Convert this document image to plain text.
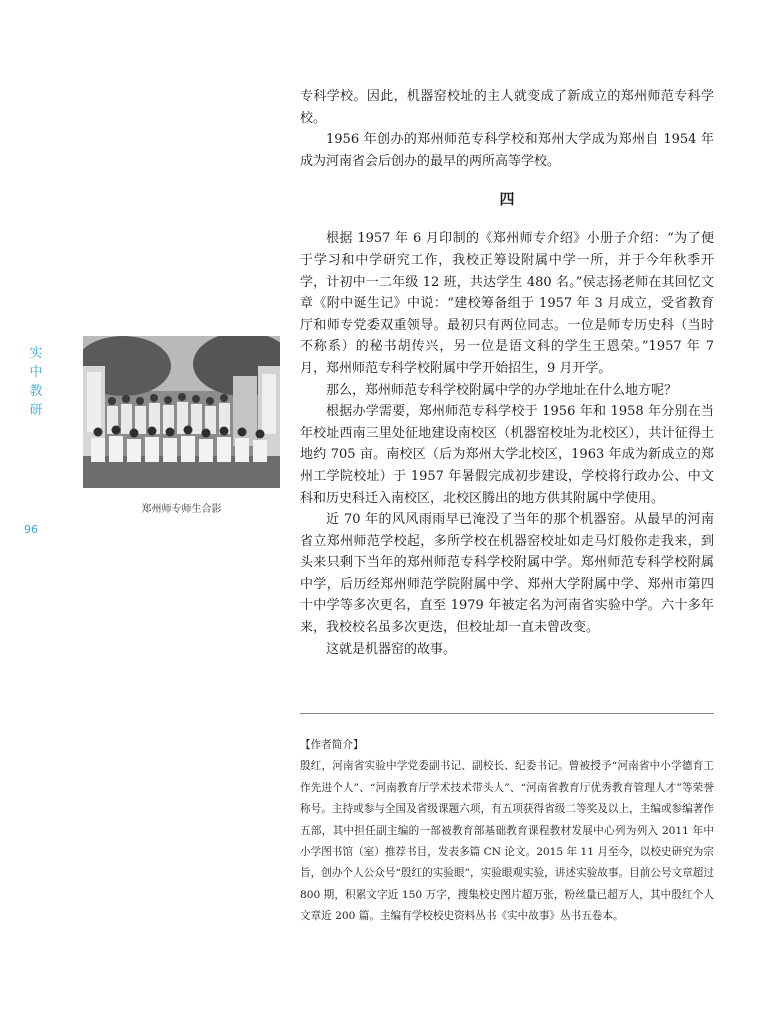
实
中
教
研
96
郑州师专师生合影

专科学校。因此，机器窑校址的主人就变成了新成立的郑州师范专科学校。

1956 年创办的郑州师范专科学校和郑州大学成为郑州自 1954 年成为河南省会后创办的最早的两所高等学校。

四

根据 1957 年 6 月印制的《郑州师专介绍》小册子介绍：“为了便于学习和中学研究工作，我校正筹设附属中学一所，并于今年秋季开学，计初中一二年级 12 班，共达学生 480 名。”侯志扬老师在其回忆文章《附中诞生记》中说：“建校筹备组于 1957 年 3 月成立，受省教育厅和师专党委双重领导。最初只有两位同志。一位是师专历史科（当时不称系）的秘书胡传兴，另一位是语文科的学生王恩荣。”1957 年 7 月，郑州师范专科学校附属中学开始招生，9 月开学。

那么，郑州师范专科学校附属中学的办学地址在什么地方呢？

根据办学需要，郑州师范专科学校于 1956 年和 1958 年分别在当年校址西南三里处征地建设南校区（机器窑校址为北校区），共计征得土地约 705 亩。南校区（后为郑州大学北校区，1963 年成为新成立的郑州工学院校址）于 1957 年暑假完成初步建设，学校将行政办公、中文科和历史科迁入南校区，北校区腾出的地方供其附属中学使用。

近 70 年的风风雨雨早已淹没了当年的那个机器窑。从最早的河南省立郑州师范学校起，多所学校在机器窑校址如走马灯般你走我来，到头来只剩下当年的郑州师范专科学校附属中学。郑州师范专科学校附属中学，后历经郑州师范学院附属中学、郑州大学附属中学、郑州市第四十中学等多次更名，直至 1979 年被定名为河南省实验中学。六十多年来，我校校名虽多次更迭，但校址却一直未曾改变。

这就是机器窑的故事。

【作者简介】
殷红，河南省实验中学党委副书记、副校长、纪委书记。曾被授予“河南省中小学德育工作先进个人”、“河南教育厅学术技术带头人”、“河南省教育厅优秀教育管理人才”等荣誉称号。主持或参与全国及省级课题六项，有五项获得省级二等奖及以上，主编或参编著作五部，其中担任副主编的一部被教育部基础教育课程教材发展中心列为列入 2011 年中小学图书馆（室）推荐书目，发表多篇 CN 论文。2015 年 11 月至今，以校史研究为宗旨，创办个人公众号“殷红的实验眼”，实验眼观实验，讲述实验故事。目前公号文章超过 800 期，积累文字近 150 万字，搜集校史图片超万张，粉丝量已超万人，其中殷红个人文章近 200 篇。主编有学校校史资料丛书《实中故事》丛书五卷本。
